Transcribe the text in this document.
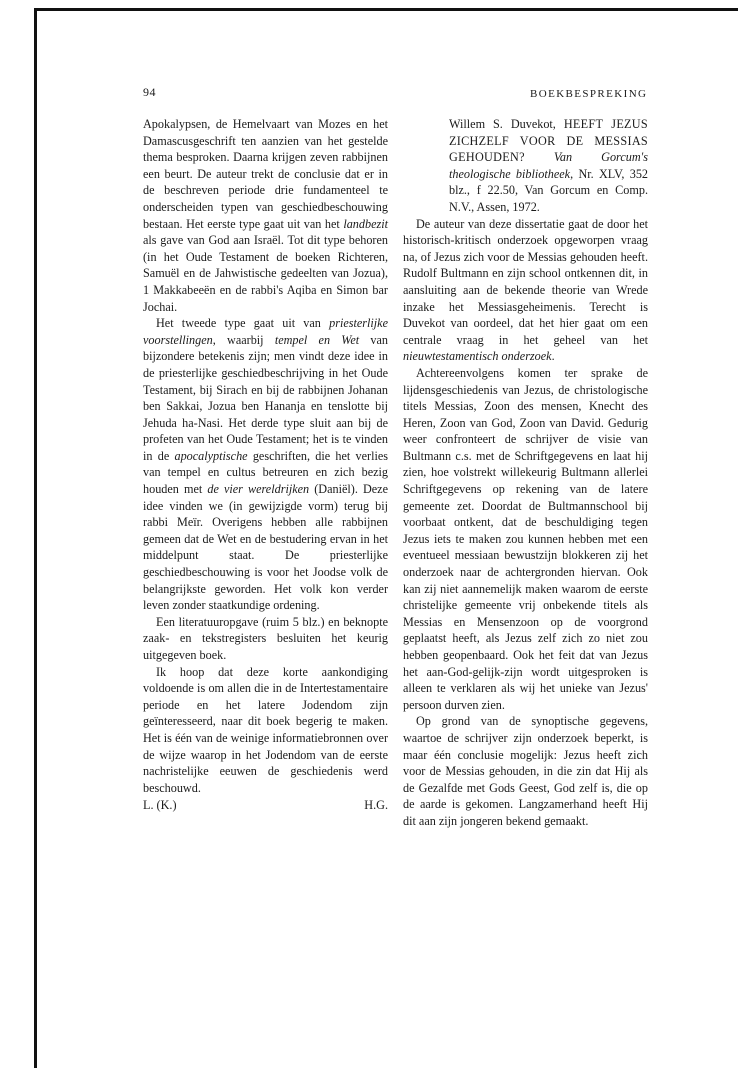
94	BOEKBESPREKING

Apokalypsen, de Hemelvaart van Mozes en het Damascusgeschrift ten aanzien van het gestelde thema besproken. Daarna krijgen zeven rabbijnen een beurt. De auteur trekt de conclusie dat er in de beschreven periode drie fundamenteel te onderscheiden typen van geschiedbeschouwing bestaan. Het eerste type gaat uit van het landbezit als gave van God aan Israël. Tot dit type behoren (in het Oude Testament de boeken Richteren, Samuël en de Jahwistische gedeelten van Jozua), 1 Makkabeeën en de rabbi's Aqiba en Simon bar Jochai.

Het tweede type gaat uit van priesterlijke voorstellingen, waarbij tempel en Wet van bijzondere betekenis zijn; men vindt deze idee in de priesterlijke geschiedbeschrijving in het Oude Testament, bij Sirach en bij de rabbijnen Johanan ben Sakkai, Jozua ben Hananja en tenslotte bij Jehuda ha-Nasi. Het derde type sluit aan bij de profeten van het Oude Testament; het is te vinden in de apocalyptische geschriften, die het verlies van tempel en cultus betreuren en zich bezig houden met de vier wereldrijken (Daniël). Deze idee vinden we (in gewijzigde vorm) terug bij rabbi Meïr. Overigens hebben alle rabbijnen gemeen dat de Wet en de bestudering ervan in het middelpunt staat. De priesterlijke geschiedbeschouwing is voor het Joodse volk de belangrijkste geworden. Het volk kon verder leven zonder staatkundige ordening.

Een literatuuropgave (ruim 5 blz.) en beknopte zaak- en tekstregisters besluiten het keurig uitgegeven boek.

Ik hoop dat deze korte aankondiging voldoende is om allen die in de Intertestamentaire periode en het latere Jodendom zijn geïnteresseerd, naar dit boek begerig te maken. Het is één van de weinige informatiebronnen over de wijze waarop in het Jodendom van de eerste nachristelijke eeuwen de geschiedenis werd beschouwd.

L. (K.)	H.G.

Willem S. Duvekot, HEEFT JEZUS ZICHZELF VOOR DE MESSIAS GEHOUDEN? Van Gorcum's theologische bibliotheek, Nr. XLV, 352 blz., f 22.50, Van Gorcum en Comp. N.V., Assen, 1972.

De auteur van deze dissertatie gaat de door het historisch-kritisch onderzoek opgeworpen vraag na, of Jezus zich voor de Messias gehouden heeft. Rudolf Bultmann en zijn school ontkennen dit, in aansluiting aan de bekende theorie van Wrede inzake het Messiasgeheimenis. Terecht is Duvekot van oordeel, dat het hier gaat om een centrale vraag in het geheel van het nieuwtestamentisch onderzoek.

Achtereenvolgens komen ter sprake de lijdensgeschiedenis van Jezus, de christologische titels Messias, Zoon des mensen, Knecht des Heren, Zoon van God, Zoon van David. Gedurig weer confronteert de schrijver de visie van Bultmann c.s. met de Schriftgegevens en laat hij zien, hoe volstrekt willekeurig Bultmann allerlei Schriftgegevens op rekening van de latere gemeente zet. Doordat de Bultmannschool bij voorbaat ontkent, dat de beschuldiging tegen Jezus iets te maken zou kunnen hebben met een eventueel messiaan bewustzijn blokkeren zij het onderzoek naar de achtergronden hiervan. Ook kan zij niet aannemelijk maken waarom de eerste christelijke gemeente vrij onbekende titels als Messias en Mensenzoon op de voorgrond geplaatst heeft, als Jezus zelf zich zo niet zou hebben geopenbaard. Ook het feit dat van Jezus het aan-God-gelijk-zijn wordt uitgesproken is alleen te verklaren als wij het unieke van Jezus' persoon durven zien.

Op grond van de synoptische gegevens, waartoe de schrijver zijn onderzoek beperkt, is maar één conclusie mogelijk: Jezus heeft zich voor de Messias gehouden, in die zin dat Hij als de Gezalfde met Gods Geest, God zelf is, die op de aarde is gekomen. Langzamerhand heeft Hij dit aan zijn jongeren bekend gemaakt.
